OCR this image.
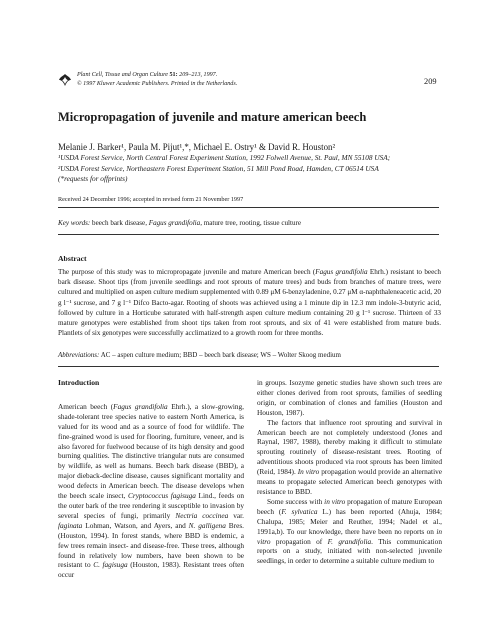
Plant Cell, Tissue and Organ Culture 51: 209–213, 1997.
© 1997 Kluwer Academic Publishers. Printed in the Netherlands.	209
Micropropagation of juvenile and mature american beech
Melanie J. Barker¹, Paula M. Pijut¹,*, Michael E. Ostry¹ & David R. Houston²
¹USDA Forest Service, North Central Forest Experiment Station, 1992 Folwell Avenue, St. Paul, MN 55108 USA;
²USDA Forest Service, Northeastern Forest Experiment Station, 51 Mill Pond Road, Hamden, CT 06514 USA
(*requests for offprints)
Received 24 December 1996; accepted in revised form 21 November 1997
Key words: beech bark disease, Fagus grandifolia, mature tree, rooting, tissue culture
Abstract
The purpose of this study was to micropropagate juvenile and mature American beech (Fagus grandifolia Ehrh.) resistant to beech bark disease. Shoot tips (from juvenile seedlings and root sprouts of mature trees) and buds from branches of mature trees, were cultured and multiplied on aspen culture medium supplemented with 0.89 μM 6-benzyladenine, 0.27 μM α-naphthaleneacetic acid, 20 g l⁻¹ sucrose, and 7 g l⁻¹ Difco Bacto-agar. Rooting of shoots was achieved using a 1 minute dip in 12.3 mm indole-3-butyric acid, followed by culture in a Horticube saturated with half-strength aspen culture medium containing 20 g l⁻¹ sucrose. Thirteen of 33 mature genotypes were established from shoot tips taken from root sprouts, and six of 41 were established from mature buds. Plantlets of six genotypes were successfully acclimatized to a growth room for three months.
Abbreviations: AC – aspen culture medium; BBD – beech bark disease; WS – Wolter Skoog medium
Introduction

American beech (Fagus grandifolia Ehrh.), a slow-growing, shade-tolerant tree species native to eastern North America, is valued for its wood and as a source of food for wildlife. The fine-grained wood is used for flooring, furniture, veneer, and is also favored for fuelwood because of its high density and good burning qualities. The distinctive triangular nuts are consumed by wildlife, as well as humans. Beech bark disease (BBD), a major dieback-decline disease, causes significant mortality and wood defects in American beech. The disease develops when the beech scale insect, Cryptococcus fagisuga Lind., feeds on the outer bark of the tree rendering it susceptible to invasion by several species of fungi, primarily Nectria coccinea var. faginata Lohman, Watson, and Ayers, and N. galligena Bres. (Houston, 1994). In forest stands, where BBD is endemic, a few trees remain insect- and disease-free. These trees, although found in relatively low numbers, have been shown to be resistant to C. fagisuga (Houston, 1983). Resistant trees often occur

in groups. Isozyme genetic studies have shown such trees are either clones derived from root sprouts, families of seedling origin, or combination of clones and families (Houston and Houston, 1987).

The factors that influence root sprouting and survival in American beech are not completely understood (Jones and Raynal, 1987, 1988), thereby making it difficult to stimulate sprouting routinely of disease-resistant trees. Rooting of adventitious shoots produced via root sprouts has been limited (Reid, 1984). In vitro propagation would provide an alternative means to propagate selected American beech genotypes with resistance to BBD.

Some success with in vitro propagation of mature European beech (F. sylvatica L.) has been reported (Ahuja, 1984; Chalupa, 1985; Meier and Reuther, 1994; Nadel et al., 1991a,b). To our knowledge, there have been no reports on in vitro propagation of F. grandifolia. This communication reports on a study, initiated with non-selected juvenile seedlings, in order to determine a suitable culture medium to
